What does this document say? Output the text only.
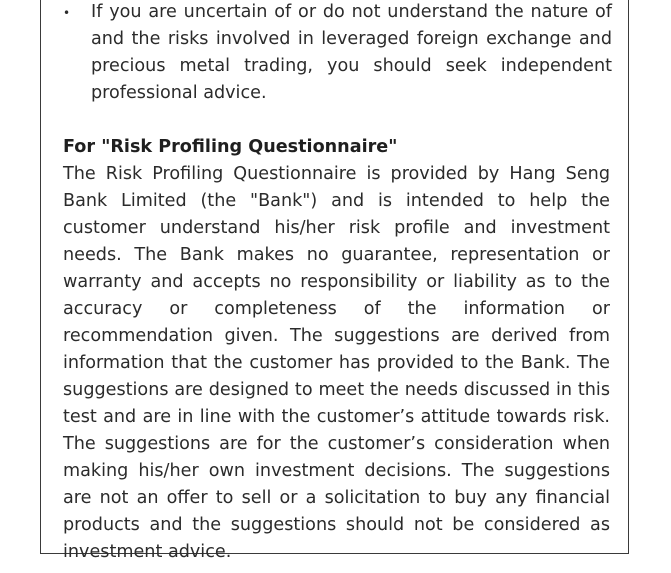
•	If you are uncertain of or do not understand the nature of and the risks involved in leveraged foreign exchange and precious metal trading, you should seek independent professional advice.
For "Risk Profiling Questionnaire"
The Risk Profiling Questionnaire is provided by Hang Seng Bank Limited (the "Bank") and is intended to help the customer understand his/her risk profile and investment needs. The Bank makes no guarantee, representation or warranty and accepts no responsibility or liability as to the accuracy or completeness of the information or recommendation given. The suggestions are derived from information that the customer has provided to the Bank. The suggestions are designed to meet the needs discussed in this test and are in line with the customer’s attitude towards risk. The suggestions are for the customer’s consideration when making his/her own investment decisions. The suggestions are not an offer to sell or a solicitation to buy any financial products and the suggestions should not be considered as investment advice.
